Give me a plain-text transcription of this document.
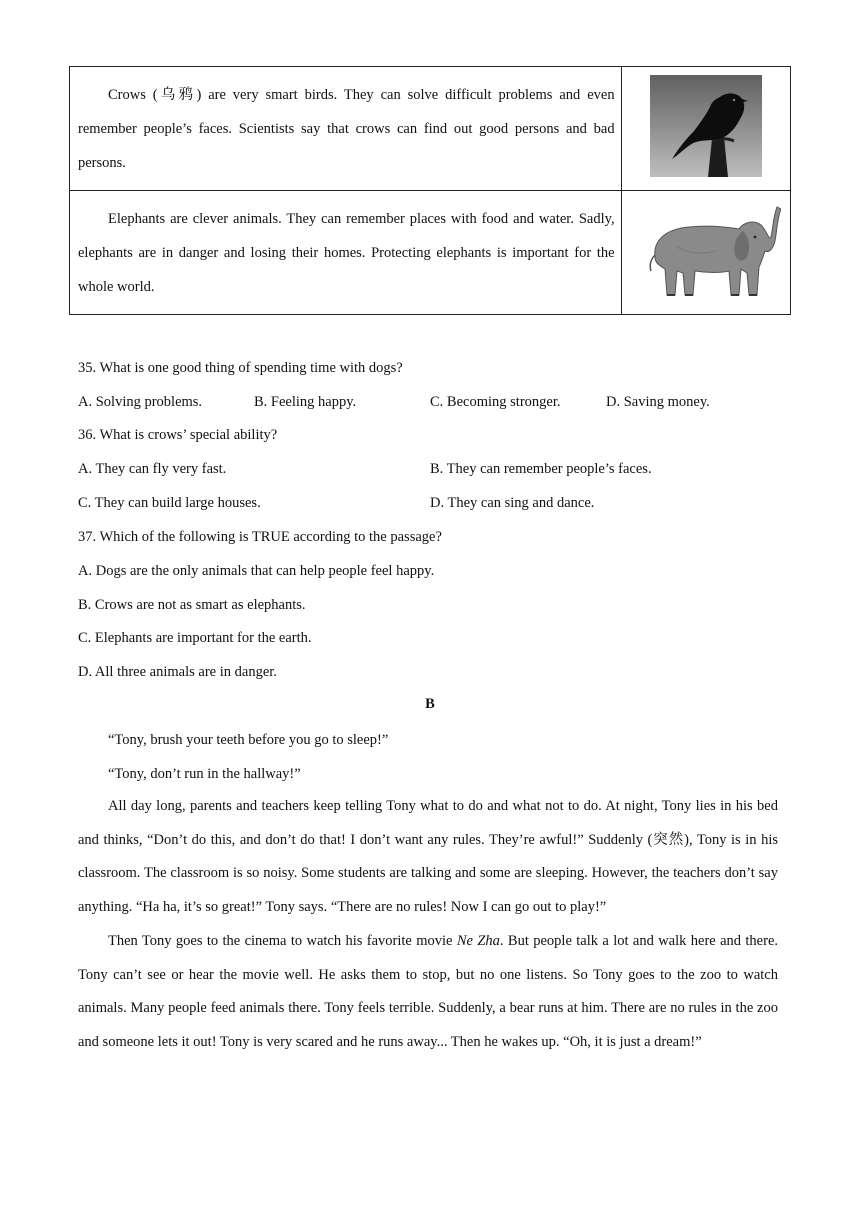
Crows (乌鸦) are very smart birds. They can solve difficult problems and even remember people’s faces. Scientists say that crows can find out good persons and bad persons.

Elephants are clever animals. They can remember places with food and water. Sadly, elephants are in danger and losing their homes. Protecting elephants is important for the whole world.

35. What is one good thing of spending time with dogs?
A. Solving problems.	B. Feeling happy.	C. Becoming stronger.	D. Saving money.
36. What is crows’ special ability?
A. They can fly very fast.	B. They can remember people’s faces.
C. They can build large houses.	D. They can sing and dance.
37. Which of the following is TRUE according to the passage?
A. Dogs are the only animals that can help people feel happy.
B. Crows are not as smart as elephants.
C. Elephants are important for the earth.
D. All three animals are in danger.
B
“Tony, brush your teeth before you go to sleep!”
“Tony, don’t run in the hallway!”
All day long, parents and teachers keep telling Tony what to do and what not to do. At night, Tony lies in his bed and thinks, “Don’t do this, and don’t do that! I don’t want any rules. They’re awful!” Suddenly (突然), Tony is in his classroom. The classroom is so noisy. Some students are talking and some are sleeping. However, the teachers don’t say anything. “Ha ha, it’s so great!” Tony says. “There are no rules! Now I can go out to play!”
Then Tony goes to the cinema to watch his favorite movie Ne Zha. But people talk a lot and walk here and there. Tony can’t see or hear the movie well. He asks them to stop, but no one listens. So Tony goes to the zoo to watch animals. Many people feed animals there. Tony feels terrible. Suddenly, a bear runs at him. There are no rules in the zoo and someone lets it out! Tony is very scared and he runs away... Then he wakes up. “Oh, it is just a dream!”
